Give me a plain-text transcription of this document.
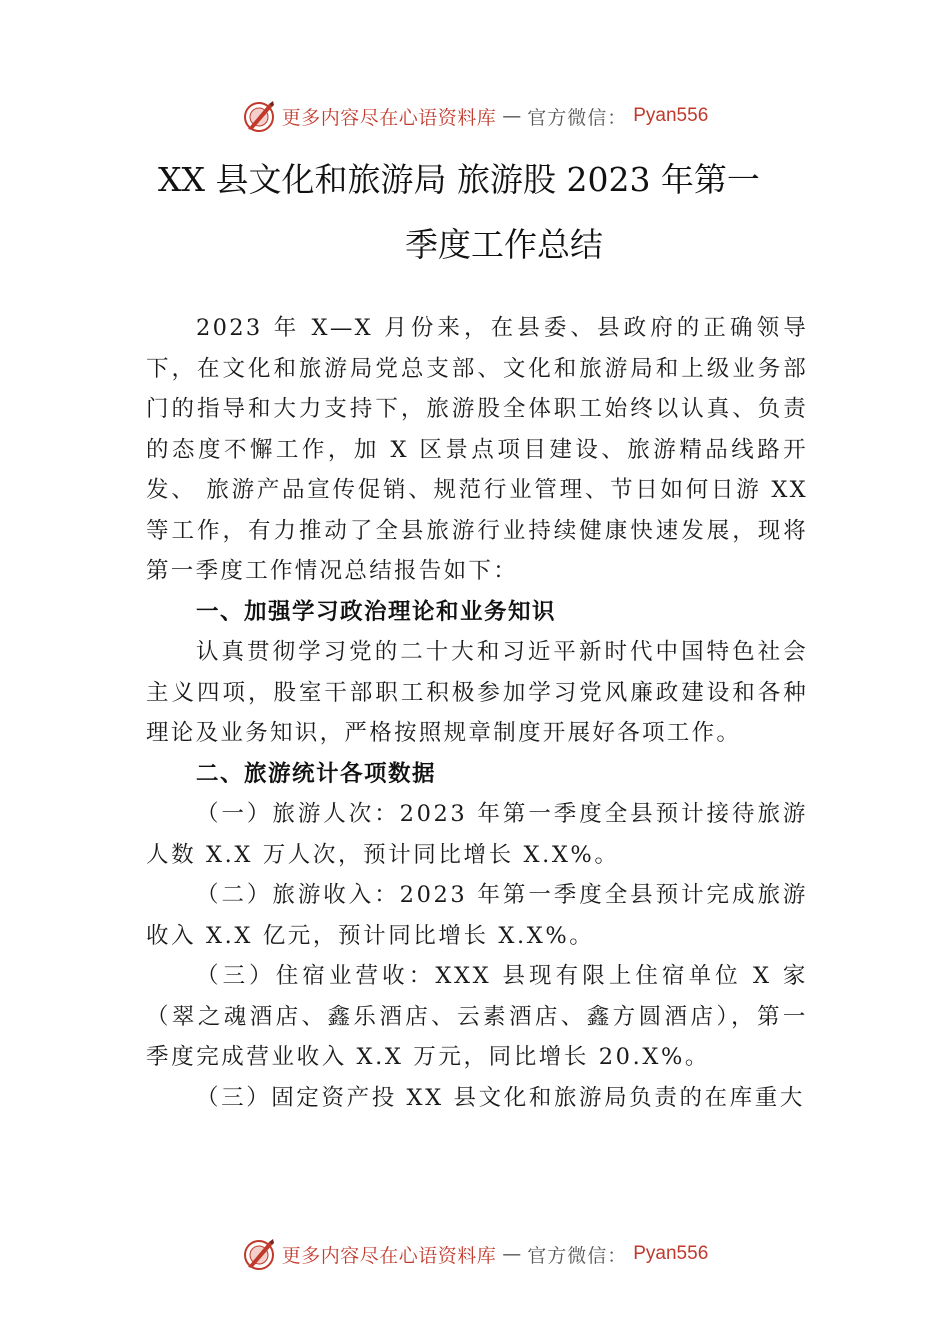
更多内容尽在心语资料库 — 官方微信： Pyan556
XX 县文化和旅游局 旅游股 2023 年第一
季度工作总结

2023 年 X—X 月份来，在县委、县政府的正确领导下，在文化和旅游局党总支部、文化和旅游局和上级业务部门的指导和大力支持下，旅游股全体职工始终以认真、负责的态度不懈工作，加 X 区景点项目建设、旅游精品线路开发、 旅游产品宣传促销、规范行业管理、节日如何日游 XX 等工作，有力推动了全县旅游行业持续健康快速发展，现将第一季度工作情况总结报告如下：

一、加强学习政治理论和业务知识

认真贯彻学习党的二十大和习近平新时代中国特色社会主义四项，股室干部职工积极参加学习党风廉政建设和各种理论及业务知识，严格按照规章制度开展好各项工作。

二、旅游统计各项数据

（一）旅游人次：2023 年第一季度全县预计接待旅游人数 X.X 万人次，预计同比增长 X.X%。

（二）旅游收入：2023 年第一季度全县预计完成旅游收入 X.X 亿元，预计同比增长 X.X%。

（三）住宿业营收：XXX 县现有限上住宿单位 X 家（翠之魂酒店、鑫乐酒店、云素酒店、鑫方圆酒店），第一季度完成营业收入 X.X 万元，同比增长 20.X%。

（三）固定资产投 XX 县文化和旅游局负责的在库重大

更多内容尽在心语资料库 — 官方微信： Pyan556
